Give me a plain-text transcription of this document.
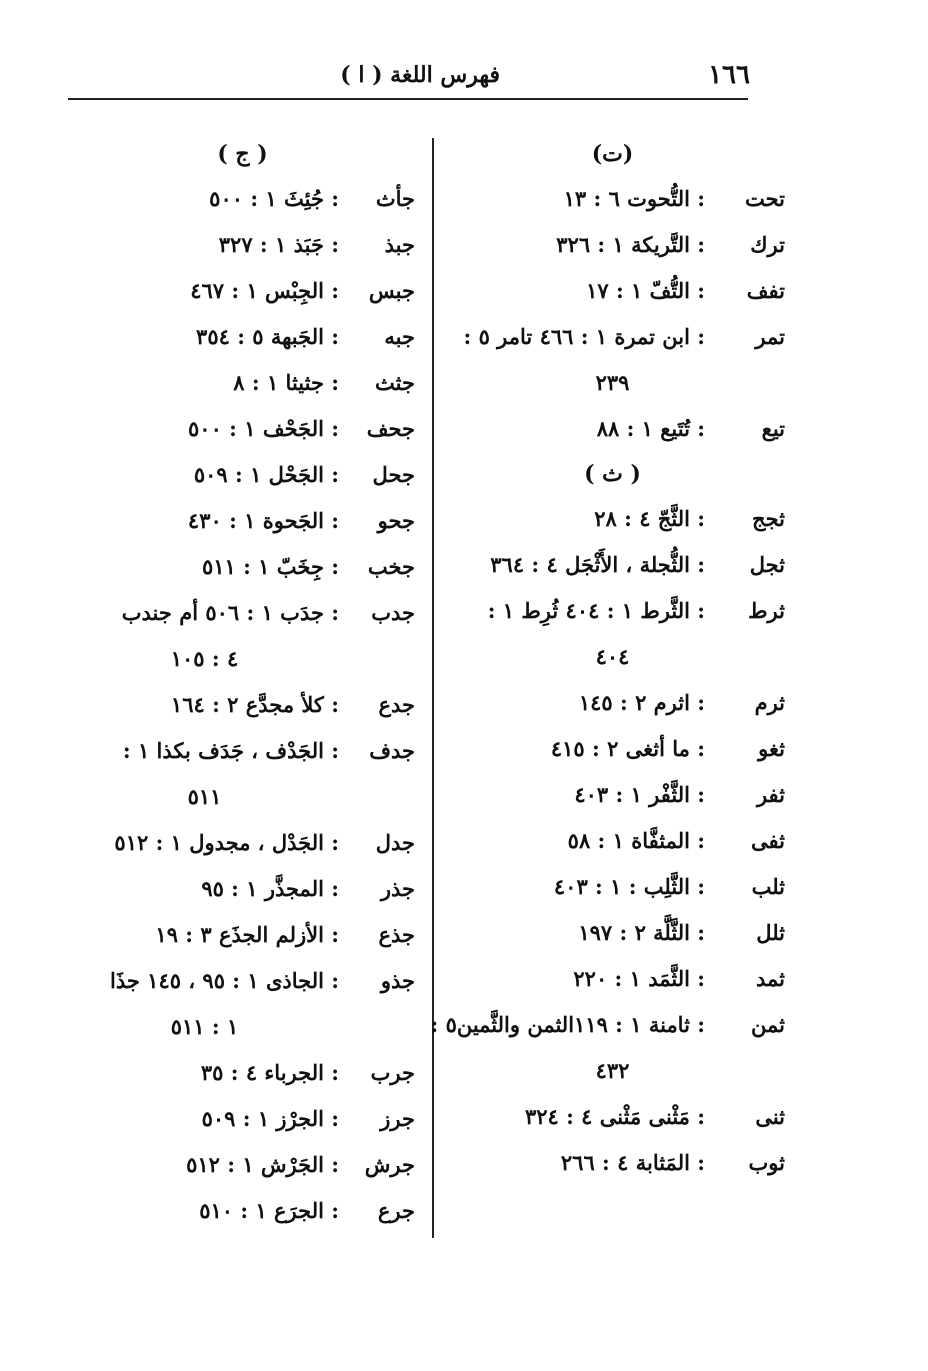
١٦٦
فهرس اللغة ( ا )
(ت)
تحت
: التُّحوت ٦ : ١٣
ترك
: التَّريكة ١ : ٣٢٦
تفف
: التُّفّ ١ : ١٧
تمر
: ابن تمرة ١ : ٤٦٦ تامر ٥ :
٢٣٩
تيع
: تُتَيع ١ : ٨٨
( ث )
ثجج
: الثَّجّ ٤ : ٢٨
ثجل
: الثُّجلة ، الأَثْجَل ٤ : ٣٦٤
ثرط
: الثَّرط ١ : ٤٠٤ ثُرِط ١ :
٤٠٤
ثرم
: اثرم ٢ : ١٤٥
ثغو
: ما أثغى ٢ : ٤١٥
ثفر
: الثَّفْر ١ : ٤٠٣
ثفى
: المثفَّاة ١ : ٥٨
ثلب
: الثَّلِب : ١ : ٤٠٣
ثلل
: الثَّلَّة ٢ : ١٩٧
ثمد
: الثَّمَد ١ : ٢٢٠
ثمن
: ثامنة ١ : ١١٩الثمن والثَّمين٥ :
٤٣٢
ثنى
: مَثْنى مَثْنى ٤ : ٣٢٤
ثوب
: المَثابة ٤ : ٢٦٦
( ج )
جأث
: جُئِثَ ١ : ٥٠٠
جبذ
: جَبَذ ١ : ٣٢٧
جبس
: الجِبْس ١ : ٤٦٧
جبه
: الجَبهة ٥ : ٣٥٤
جثث
: جثيثا ١ : ٨
جحف
: الجَحْف ١ : ٥٠٠
جحل
: الجَحْل ١ : ٥٠٩
جحو
: الجَحوة ١ : ٤٣٠
جخب
: جِخَبّ ١ : ٥١١
جدب
: جدَب ١ : ٥٠٦ أم جندب
٤ : ١٠٥
جدع
: كلأ مجدَّع ٢ : ١٦٤
جدف
: الجَدْف ، جَدَف بكذا ١ :
٥١١
جدل
: الجَدْل ، مجدول ١ : ٥١٢
جذر
: المجذَّر ١ : ٩٥
جذع
: الأزلم الجذَع ٣ : ١٩
جذو
: الجاذى ١ : ٩٥ ، ١٤٥ جذَا
١ : ٥١١
جرب
: الجرباء ٤ : ٣٥
جرز
: الجرْز ١ : ٥٠٩
جرش
: الجَرْش ١ : ٥١٢
جرع
: الجرَع ١ : ٥١٠
